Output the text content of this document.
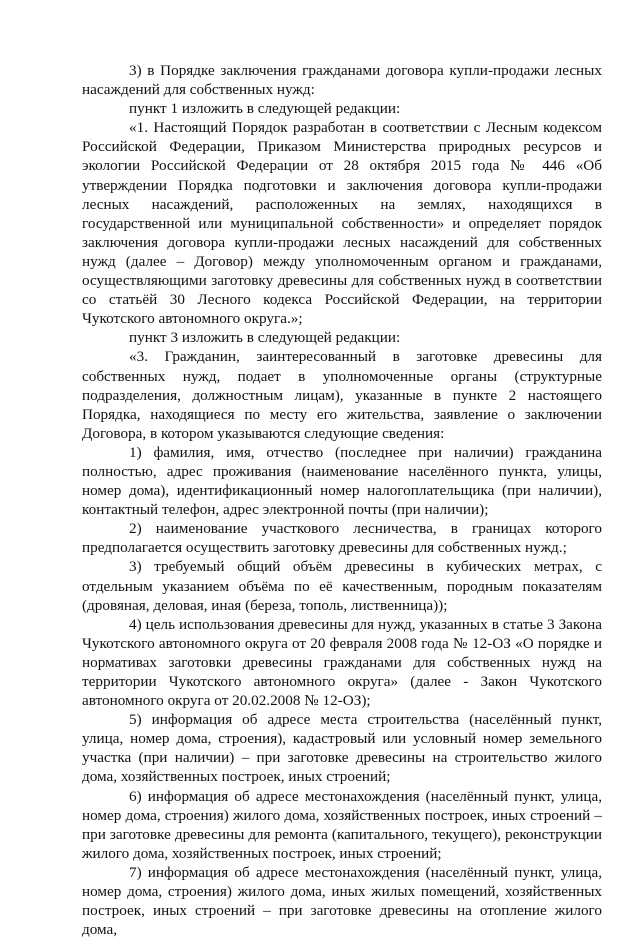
3) в Порядке заключения гражданами договора купли-продажи лесных насаждений для собственных нужд:

пункт 1 изложить в следующей редакции:

«1. Настоящий Порядок разработан в соответствии с Лесным кодексом Российской Федерации, Приказом Министерства природных ресурсов и экологии Российской Федерации от 28 октября 2015 года № 446 «Об утверждении Порядка подготовки и заключения договора купли-продажи лесных насаждений, расположенных на землях, находящихся в государственной или муниципальной собственности» и определяет порядок заключения договора купли-продажи лесных насаждений для собственных нужд (далее – Договор) между уполномоченным органом и гражданами, осуществляющими заготовку древесины для собственных нужд в соответствии со статьёй 30 Лесного кодекса Российской Федерации, на территории Чукотского автономного округа.»;

пункт 3 изложить в следующей редакции:

«3. Гражданин, заинтересованный в заготовке древесины для собственных нужд, подает в уполномоченные органы (структурные подразделения, должностным лицам), указанные в пункте 2 настоящего Порядка, находящиеся по месту его жительства, заявление о заключении Договора, в котором указываются следующие сведения:

1) фамилия, имя, отчество (последнее при наличии) гражданина полностью, адрес проживания (наименование населённого пункта, улицы, номер дома), идентификационный номер налогоплательщика (при наличии), контактный телефон, адрес электронной почты (при наличии);

2) наименование участкового лесничества, в границах которого предполагается осуществить заготовку древесины для собственных нужд.;

3) требуемый общий объём древесины в кубических метрах, с отдельным указанием объёма по её качественным, породным показателям (дровяная, деловая, иная (береза, тополь, лиственница));

4) цель использования древесины для нужд, указанных в статье 3 Закона Чукотского автономного округа от 20 февраля 2008 года № 12-ОЗ «О порядке и нормативах заготовки древесины гражданами для собственных нужд на территории Чукотского автономного округа» (далее - Закон Чукотского автономного округа от 20.02.2008 № 12-ОЗ);

5) информация об адресе места строительства (населённый пункт, улица, номер дома, строения), кадастровый или условный номер земельного участка (при наличии) – при заготовке древесины на строительство жилого дома, хозяйственных построек, иных строений;

6) информация об адресе местонахождения (населённый пункт, улица, номер дома, строения) жилого дома, хозяйственных построек, иных строений – при заготовке древесины для ремонта (капитального, текущего), реконструкции жилого дома, хозяйственных построек, иных строений;

7) информация об адресе местонахождения (населённый пункт, улица, номер дома, строения) жилого дома, иных жилых помещений, хозяйственных построек, иных строений – при заготовке древесины на отопление жилого дома,
